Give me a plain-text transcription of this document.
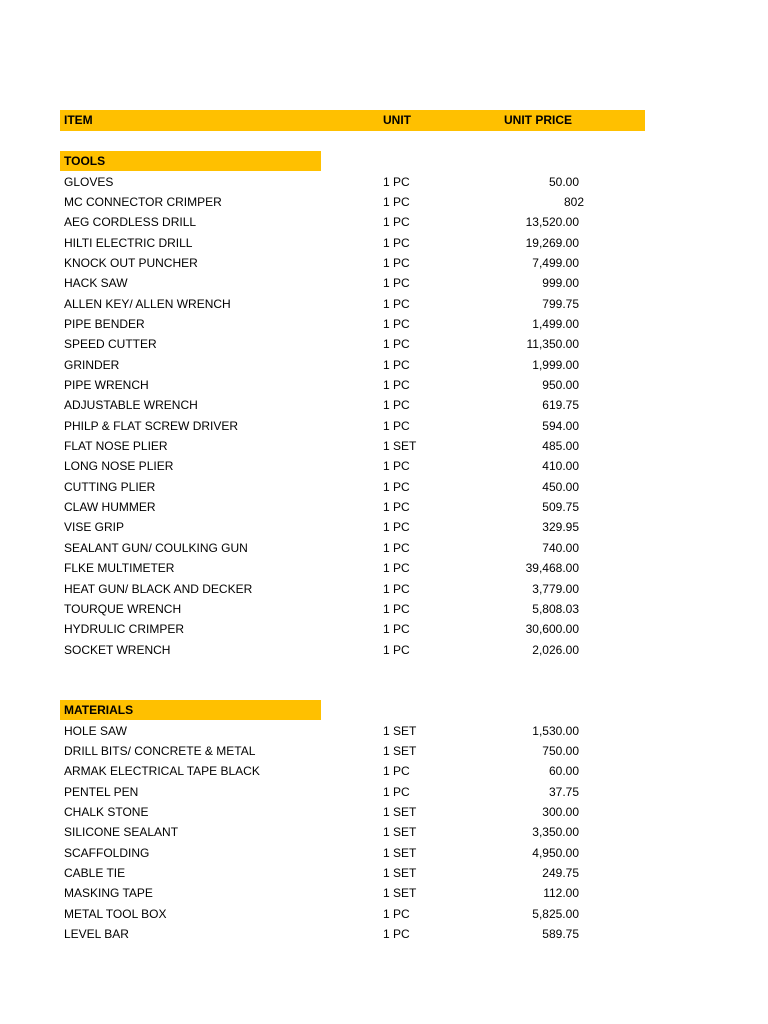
ITEM	UNIT	UNIT PRICE
TOOLS
GLOVES	1 PC	50.00
MC CONNECTOR CRIMPER	1 PC	802
AEG CORDLESS DRILL	1 PC	13,520.00
HILTI ELECTRIC DRILL	1 PC	19,269.00
KNOCK OUT PUNCHER	1 PC	7,499.00
HACK SAW	1 PC	999.00
ALLEN KEY/ ALLEN WRENCH	1 PC	799.75
PIPE BENDER	1 PC	1,499.00
SPEED CUTTER	1 PC	11,350.00
GRINDER	1 PC	1,999.00
PIPE WRENCH	1 PC	950.00
ADJUSTABLE WRENCH	1 PC	619.75
PHILP & FLAT SCREW DRIVER	1 PC	594.00
FLAT NOSE PLIER	1 SET	485.00
LONG NOSE PLIER	1 PC	410.00
CUTTING PLIER	1 PC	450.00
CLAW HUMMER	1 PC	509.75
VISE GRIP	1 PC	329.95
SEALANT GUN/ COULKING GUN	1 PC	740.00
FLKE MULTIMETER	1 PC	39,468.00
HEAT GUN/ BLACK AND DECKER	1 PC	3,779.00
TOURQUE WRENCH	1 PC	5,808.03
HYDRULIC CRIMPER	1 PC	30,600.00
SOCKET WRENCH	1 PC	2,026.00
MATERIALS
HOLE SAW	1 SET	1,530.00
DRILL BITS/ CONCRETE & METAL	1 SET	750.00
ARMAK ELECTRICAL TAPE BLACK	1 PC	60.00
PENTEL PEN	1 PC	37.75
CHALK STONE	1 SET	300.00
SILICONE SEALANT	1 SET	3,350.00
SCAFFOLDING	1 SET	4,950.00
CABLE TIE	1 SET	249.75
MASKING TAPE	1 SET	112.00
METAL TOOL BOX	1 PC	5,825.00
LEVEL BAR	1 PC	589.75
